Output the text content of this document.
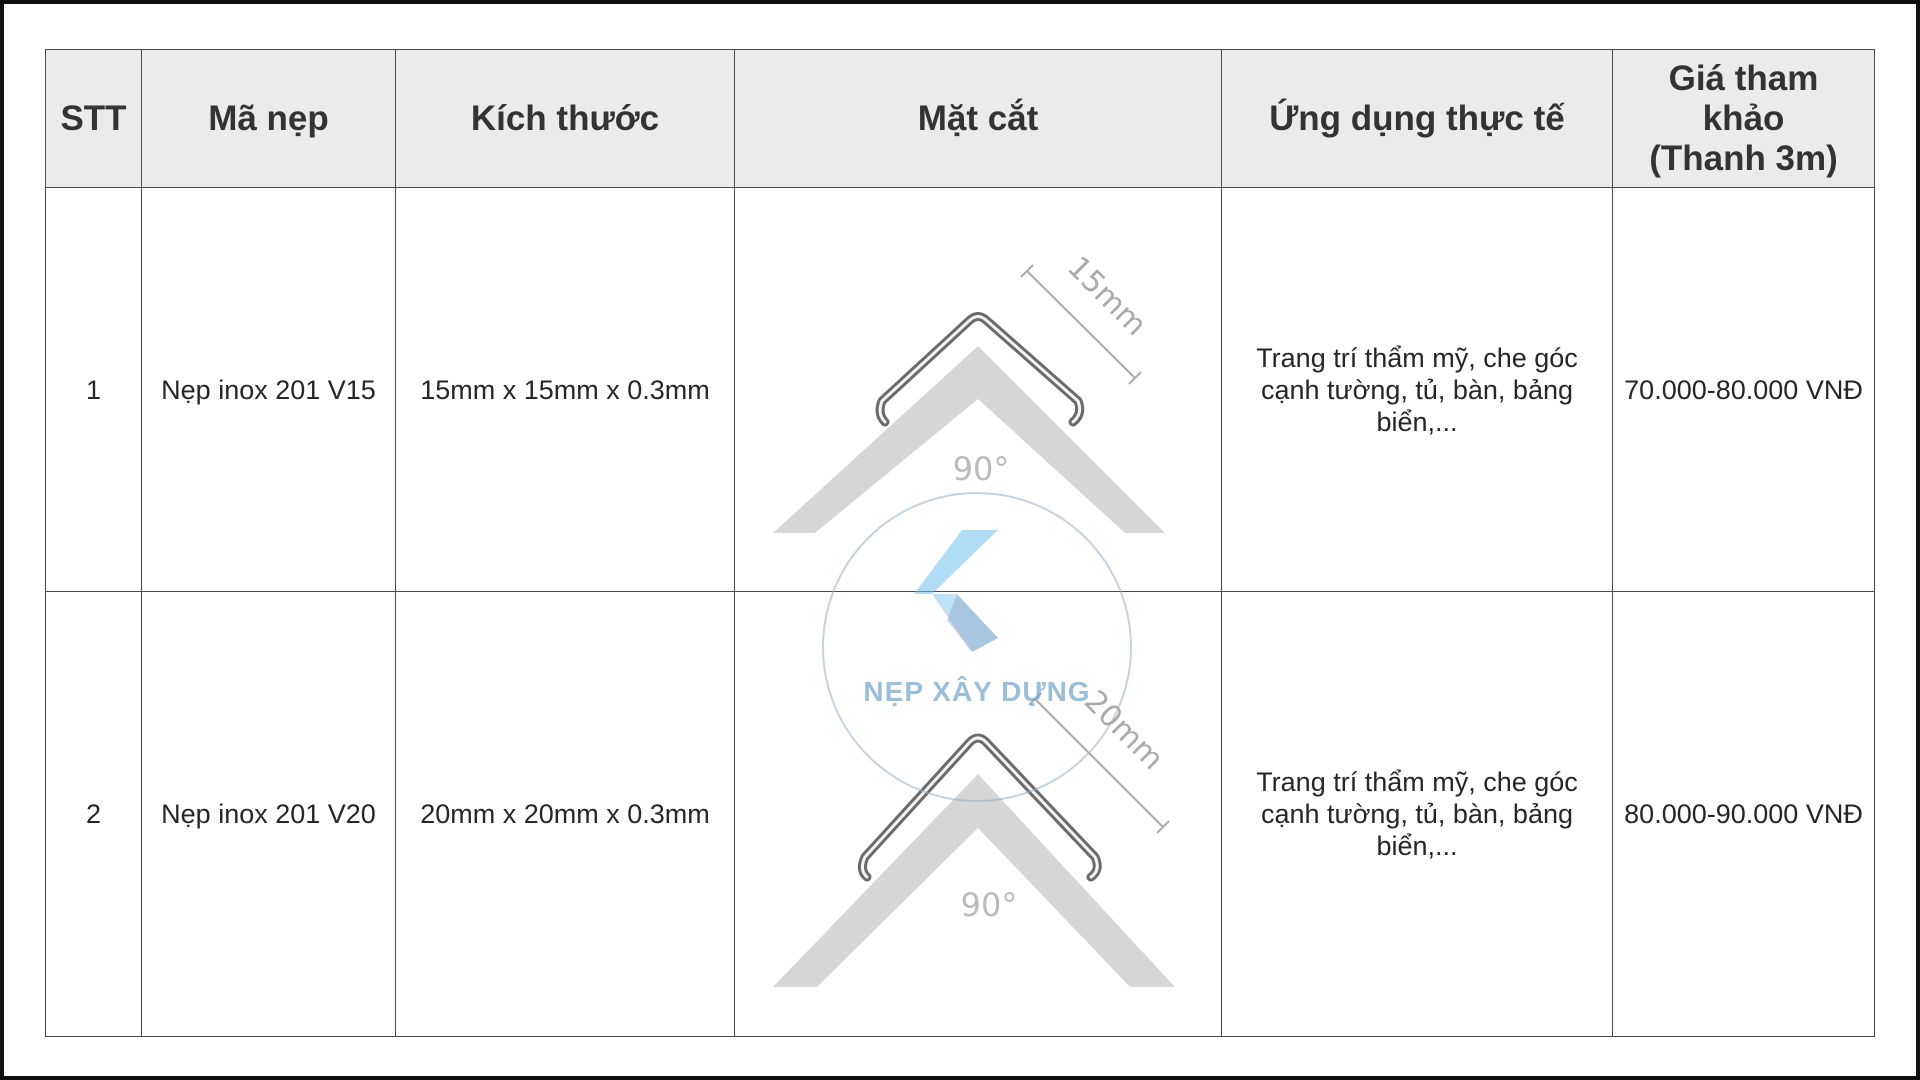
STT	Mã nẹp	Kích thước	Mặt cắt	Ứng dụng thực tế	Giá tham khảo
(Thanh 3m)

1	Nẹp inox 201 V15	15mm x 15mm x 0.3mm	15mm
90°	Trang trí thẩm mỹ, che góc cạnh tường, tủ, bàn, bảng biển,...	70.000-80.000 VNĐ
2	Nẹp inox 201 V20	20mm x 20mm x 0.3mm	20mm
90°	Trang trí thẩm mỹ, che góc cạnh tường, tủ, bàn, bảng biển,...	80.000-90.000 VNĐ
NẸP XÂY DỰNG
